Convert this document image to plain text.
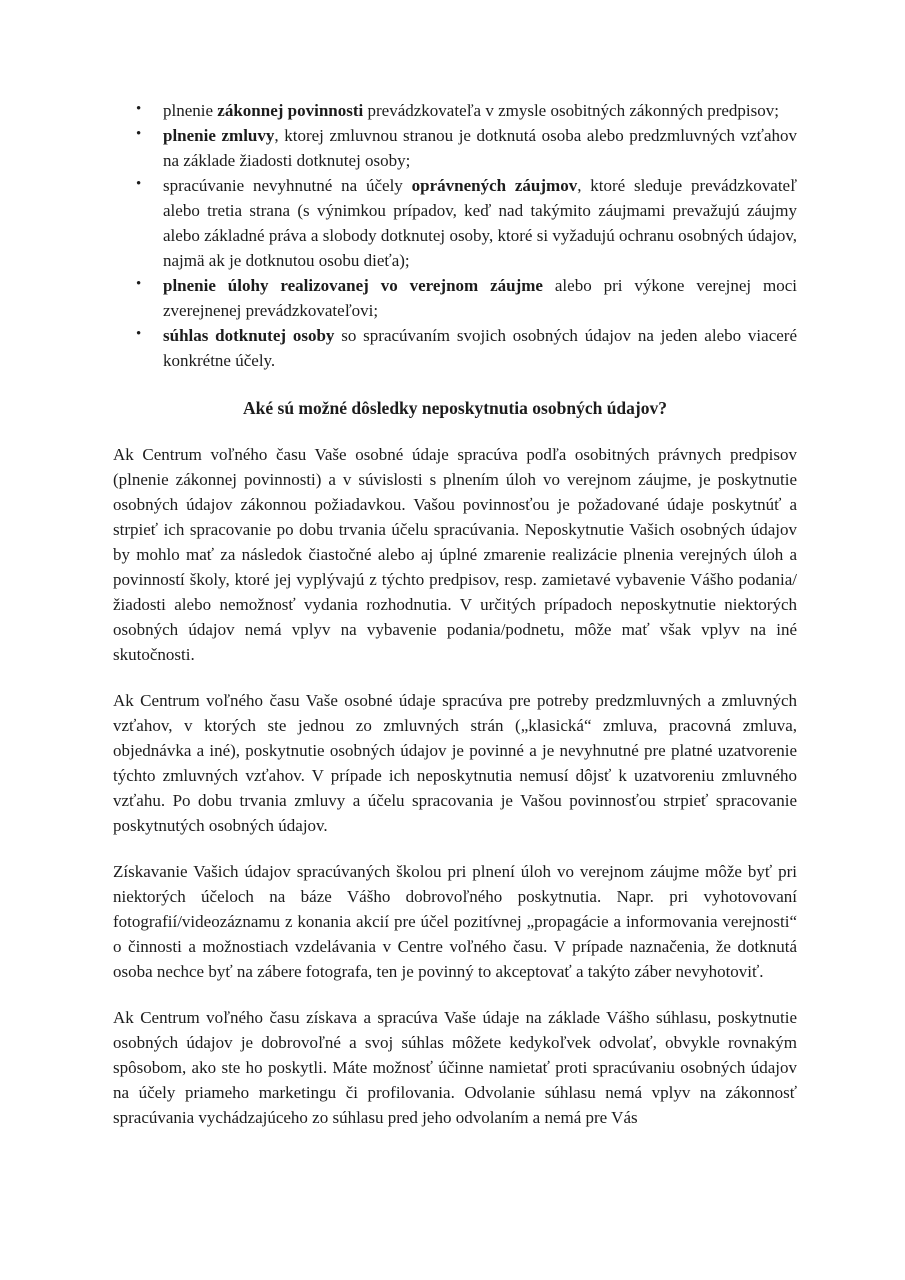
• plnenie zákonnej povinnosti prevádzkovateľa v zmysle osobitných zákonných predpisov;
• plnenie zmluvy, ktorej zmluvnou stranou je dotknutá osoba alebo predzmluvných vzťahov na základe žiadosti dotknutej osoby;
• spracúvanie nevyhnutné na účely oprávnených záujmov, ktoré sleduje prevádzkovateľ alebo tretia strana (s výnimkou prípadov, keď nad takýmito záujmami prevažujú záujmy alebo základné práva a slobody dotknutej osoby, ktoré si vyžadujú ochranu osobných údajov, najmä ak je dotknutou osobu dieťa);
• plnenie úlohy realizovanej vo verejnom záujme alebo pri výkone verejnej moci zverejnenej prevádzkovateľovi;
• súhlas dotknutej osoby so spracúvaním svojich osobných údajov na jeden alebo viaceré konkrétne účely.
Aké sú možné dôsledky neposkytnutia osobných údajov?

Ak Centrum voľného času Vaše osobné údaje spracúva podľa osobitných právnych predpisov (plnenie zákonnej povinnosti) a v súvislosti s plnením úloh vo verejnom záujme, je poskytnutie osobných údajov zákonnou požiadavkou. Vašou povinnosťou je požadované údaje poskytnúť a strpieť ich spracovanie po dobu trvania účelu spracúvania. Neposkytnutie Vašich osobných údajov by mohlo mať za následok čiastočné alebo aj úplné zmarenie realizácie plnenia verejných úloh a povinností školy, ktoré jej vyplývajú z týchto predpisov, resp. zamietavé vybavenie Vášho podania/žiadosti alebo nemožnosť vydania rozhodnutia. V určitých prípadoch neposkytnutie niektorých osobných údajov nemá vplyv na vybavenie podania/podnetu, môže mať však vplyv na iné skutočnosti.

Ak Centrum voľného času Vaše osobné údaje spracúva pre potreby predzmluvných a zmluvných vzťahov, v ktorých ste jednou zo zmluvných strán („klasická“ zmluva, pracovná zmluva, objednávka a iné), poskytnutie osobných údajov je povinné a je nevyhnutné pre platné uzatvorenie týchto zmluvných vzťahov. V prípade ich neposkytnutia nemusí dôjsť k uzatvoreniu zmluvného vzťahu. Po dobu trvania zmluvy a účelu spracovania je Vašou povinnosťou strpieť spracovanie poskytnutých osobných údajov.

Získavanie Vašich údajov spracúvaných školou pri plnení úloh vo verejnom záujme môže byť pri niektorých účeloch na báze Vášho dobrovoľného poskytnutia. Napr. pri vyhotovovaní fotografií/videozáznamu z konania akcií pre účel pozitívnej „propagácie a informovania verejnosti“ o činnosti a možnostiach vzdelávania v Centre voľného času. V prípade naznačenia, že dotknutá osoba nechce byť na zábere fotografa, ten je povinný to akceptovať a takýto záber nevyhotoviť.

Ak Centrum voľného času získava a spracúva Vaše údaje na základe Vášho súhlasu, poskytnutie osobných údajov je dobrovoľné a svoj súhlas môžete kedykoľvek odvolať, obvykle rovnakým spôsobom, ako ste ho poskytli. Máte možnosť účinne namietať proti spracúvaniu osobných údajov na účely priameho marketingu či profilovania. Odvolanie súhlasu nemá vplyv na zákonnosť spracúvania vychádzajúceho zo súhlasu pred jeho odvolaním a nemá pre Vás
